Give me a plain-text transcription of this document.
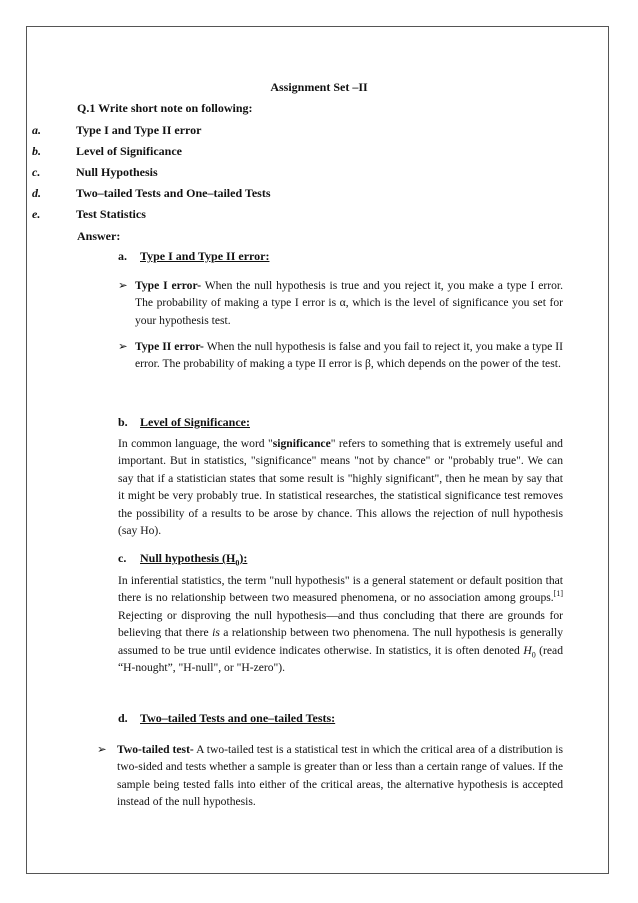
Assignment Set –II
Q.1 Write short note on following:
a.	Type I and Type II error
b.	Level of Significance
c.	Null Hypothesis
d.	Two–tailed Tests and One–tailed Tests
e.	Test Statistics
Answer:
a. Type I and Type II error:
➢ Type I error- When the null hypothesis is true and you reject it, you make a type I error. The probability of making a type I error is α, which is the level of significance you set for your hypothesis test.
➢ Type II error- When the null hypothesis is false and you fail to reject it, you make a type II error. The probability of making a type II error is β, which depends on the power of the test.
b. Level of Significance:
In common language, the word "significance" refers to something that is extremely useful and important. But in statistics, "significance" means "not by chance" or "probably true". We can say that if a statistician states that some result is "highly significant", then he mean by say that it might be very probably true. In statistical researches, the statistical significance test removes the possibility of a results to be arose by chance. This allows the rejection of null hypothesis (say Ho).
c. Null hypothesis $(H_0)$:
In inferential statistics, the term "null hypothesis" is a general statement or default position that there is no relationship between two measured phenomena, or no association among groups.[1] Rejecting or disproving the null hypothesis—and thus concluding that there are grounds for believing that there is a relationship between two phenomena. The null hypothesis is generally assumed to be true until evidence indicates otherwise. In statistics, it is often denoted $H_0$ (read “H-nought”, "H-null", or "H-zero").
d. Two–tailed Tests and one–tailed Tests:
➢ Two-tailed test- A two-tailed test is a statistical test in which the critical area of a distribution is two-sided and tests whether a sample is greater than or less than a certain range of values. If the sample being tested falls into either of the critical areas, the alternative hypothesis is accepted instead of the null hypothesis.
